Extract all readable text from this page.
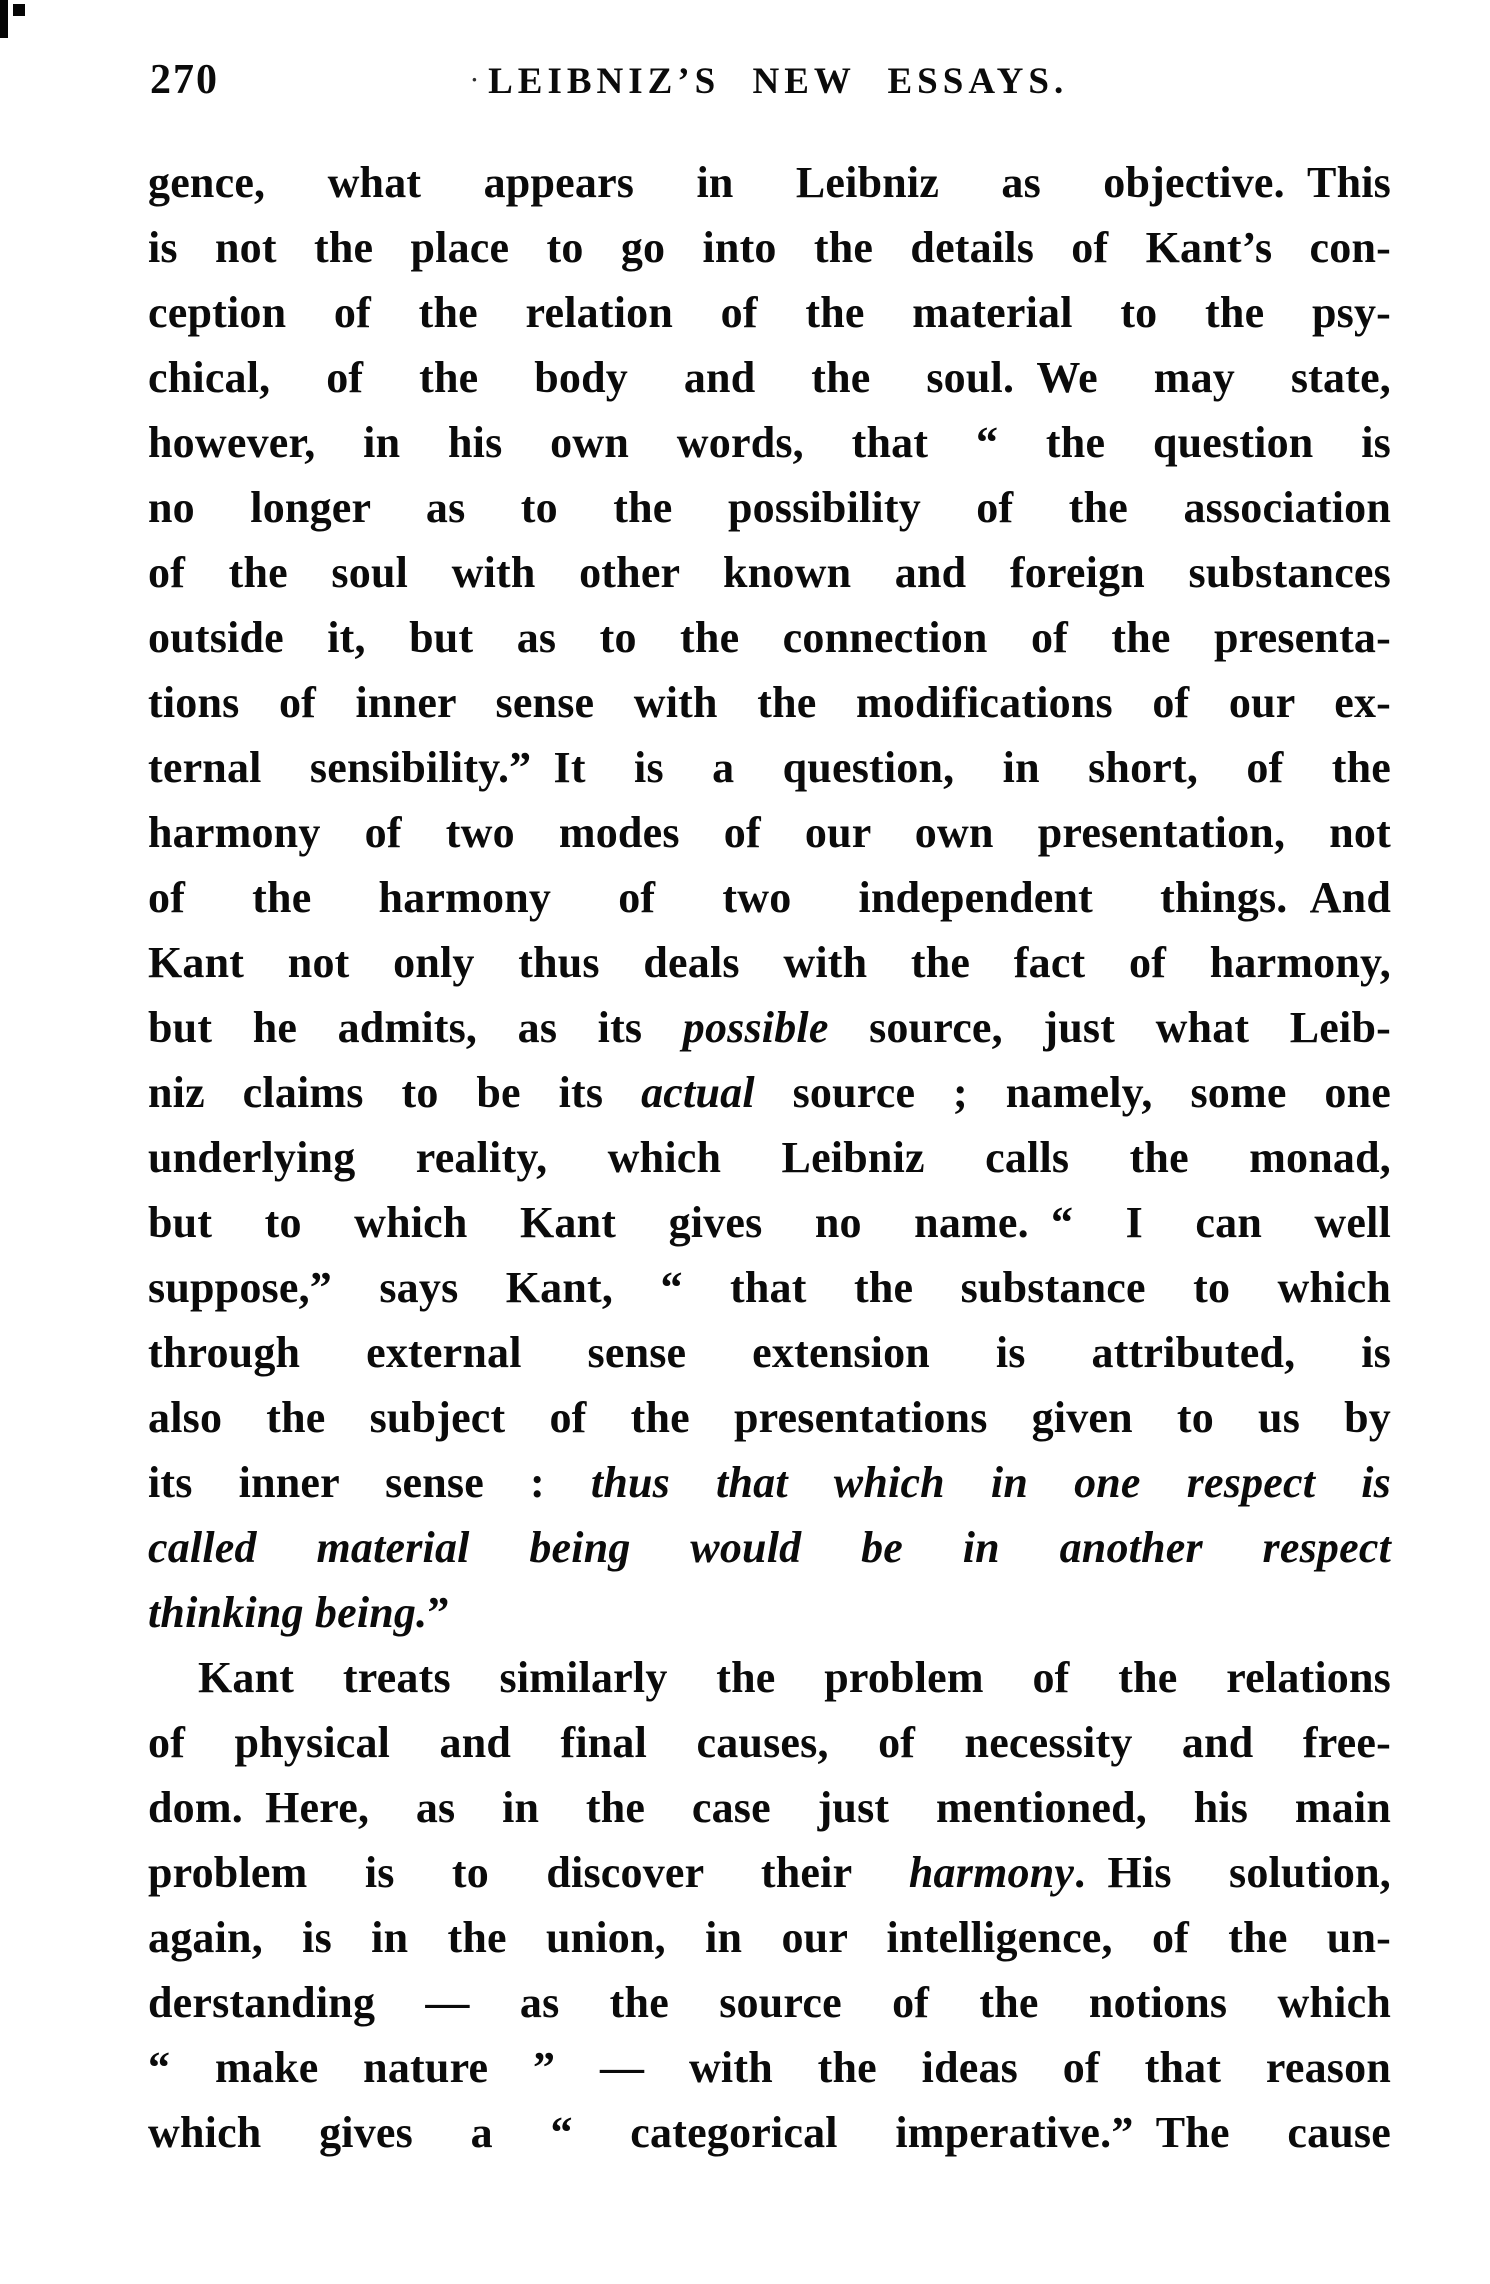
270	· LEIBNIZ’S NEW ESSAYS.
gence, what appears in Leibniz as objective. This
is not the place to go into the details of Kant’s con-
ception of the relation of the material to the psy-
chical, of the body and the soul. We may state,
however, in his own words, that “ the question is
no longer as to the possibility of the association
of the soul with other known and foreign substances
outside it, but as to the connection of the presenta-
tions of inner sense with the modifications of our ex-
ternal sensibility.” It is a question, in short, of the
harmony of two modes of our own presentation, not
of the harmony of two independent things. And
Kant not only thus deals with the fact of harmony,
but he admits, as its possible source, just what Leib-
niz claims to be its actual source ; namely, some one
underlying reality, which Leibniz calls the monad,
but to which Kant gives no name. “ I can well
suppose,” says Kant, “ that the substance to which
through external sense extension is attributed, is
also the subject of the presentations given to us by
its inner sense : thus that which in one respect is
called material being would be in another respect
thinking being.”
Kant treats similarly the problem of the relations
of physical and final causes, of necessity and free-
dom. Here, as in the case just mentioned, his main
problem is to discover their harmony. His solution,
again, is in the union, in our intelligence, of the un-
derstanding — as the source of the notions which
“ make nature ” — with the ideas of that reason
which gives a “ categorical imperative.” The cause
